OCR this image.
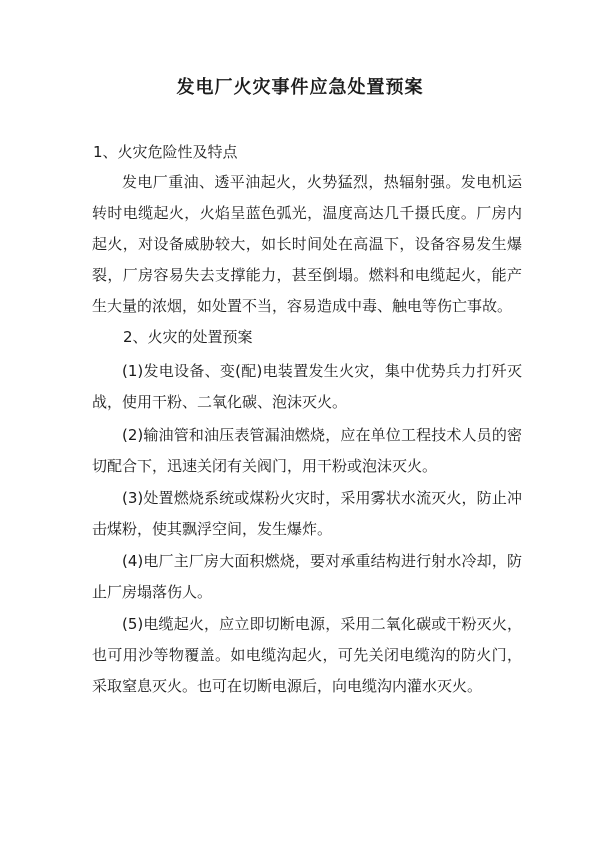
发电厂火灾事件应急处置预案
1、火灾危险性及特点
发电厂重油、透平油起火，火势猛烈，热辐射强。发电机运转时电缆起火，火焰呈蓝色弧光，温度高达几千摄氏度。厂房内起火，对设备威胁较大，如长时间处在高温下，设备容易发生爆裂，厂房容易失去支撑能力，甚至倒塌。燃料和电缆起火，能产生大量的浓烟，如处置不当，容易造成中毒、触电等伤亡事故。
2、火灾的处置预案
(1)发电设备、变(配)电装置发生火灾，集中优势兵力打歼灭战，使用干粉、二氧化碳、泡沫灭火。
(2)输油管和油压表管漏油燃烧，应在单位工程技术人员的密切配合下，迅速关闭有关阀门，用干粉或泡沫灭火。
(3)处置燃烧系统或煤粉火灾时，采用雾状水流灭火，防止冲击煤粉，使其飘浮空间，发生爆炸。
(4)电厂主厂房大面积燃烧，要对承重结构进行射水冷却，防止厂房塌落伤人。
(5)电缆起火，应立即切断电源，采用二氧化碳或干粉灭火，也可用沙等物覆盖。如电缆沟起火，可先关闭电缆沟的防火门，采取窒息灭火。也可在切断电源后，向电缆沟内灌水灭火。
